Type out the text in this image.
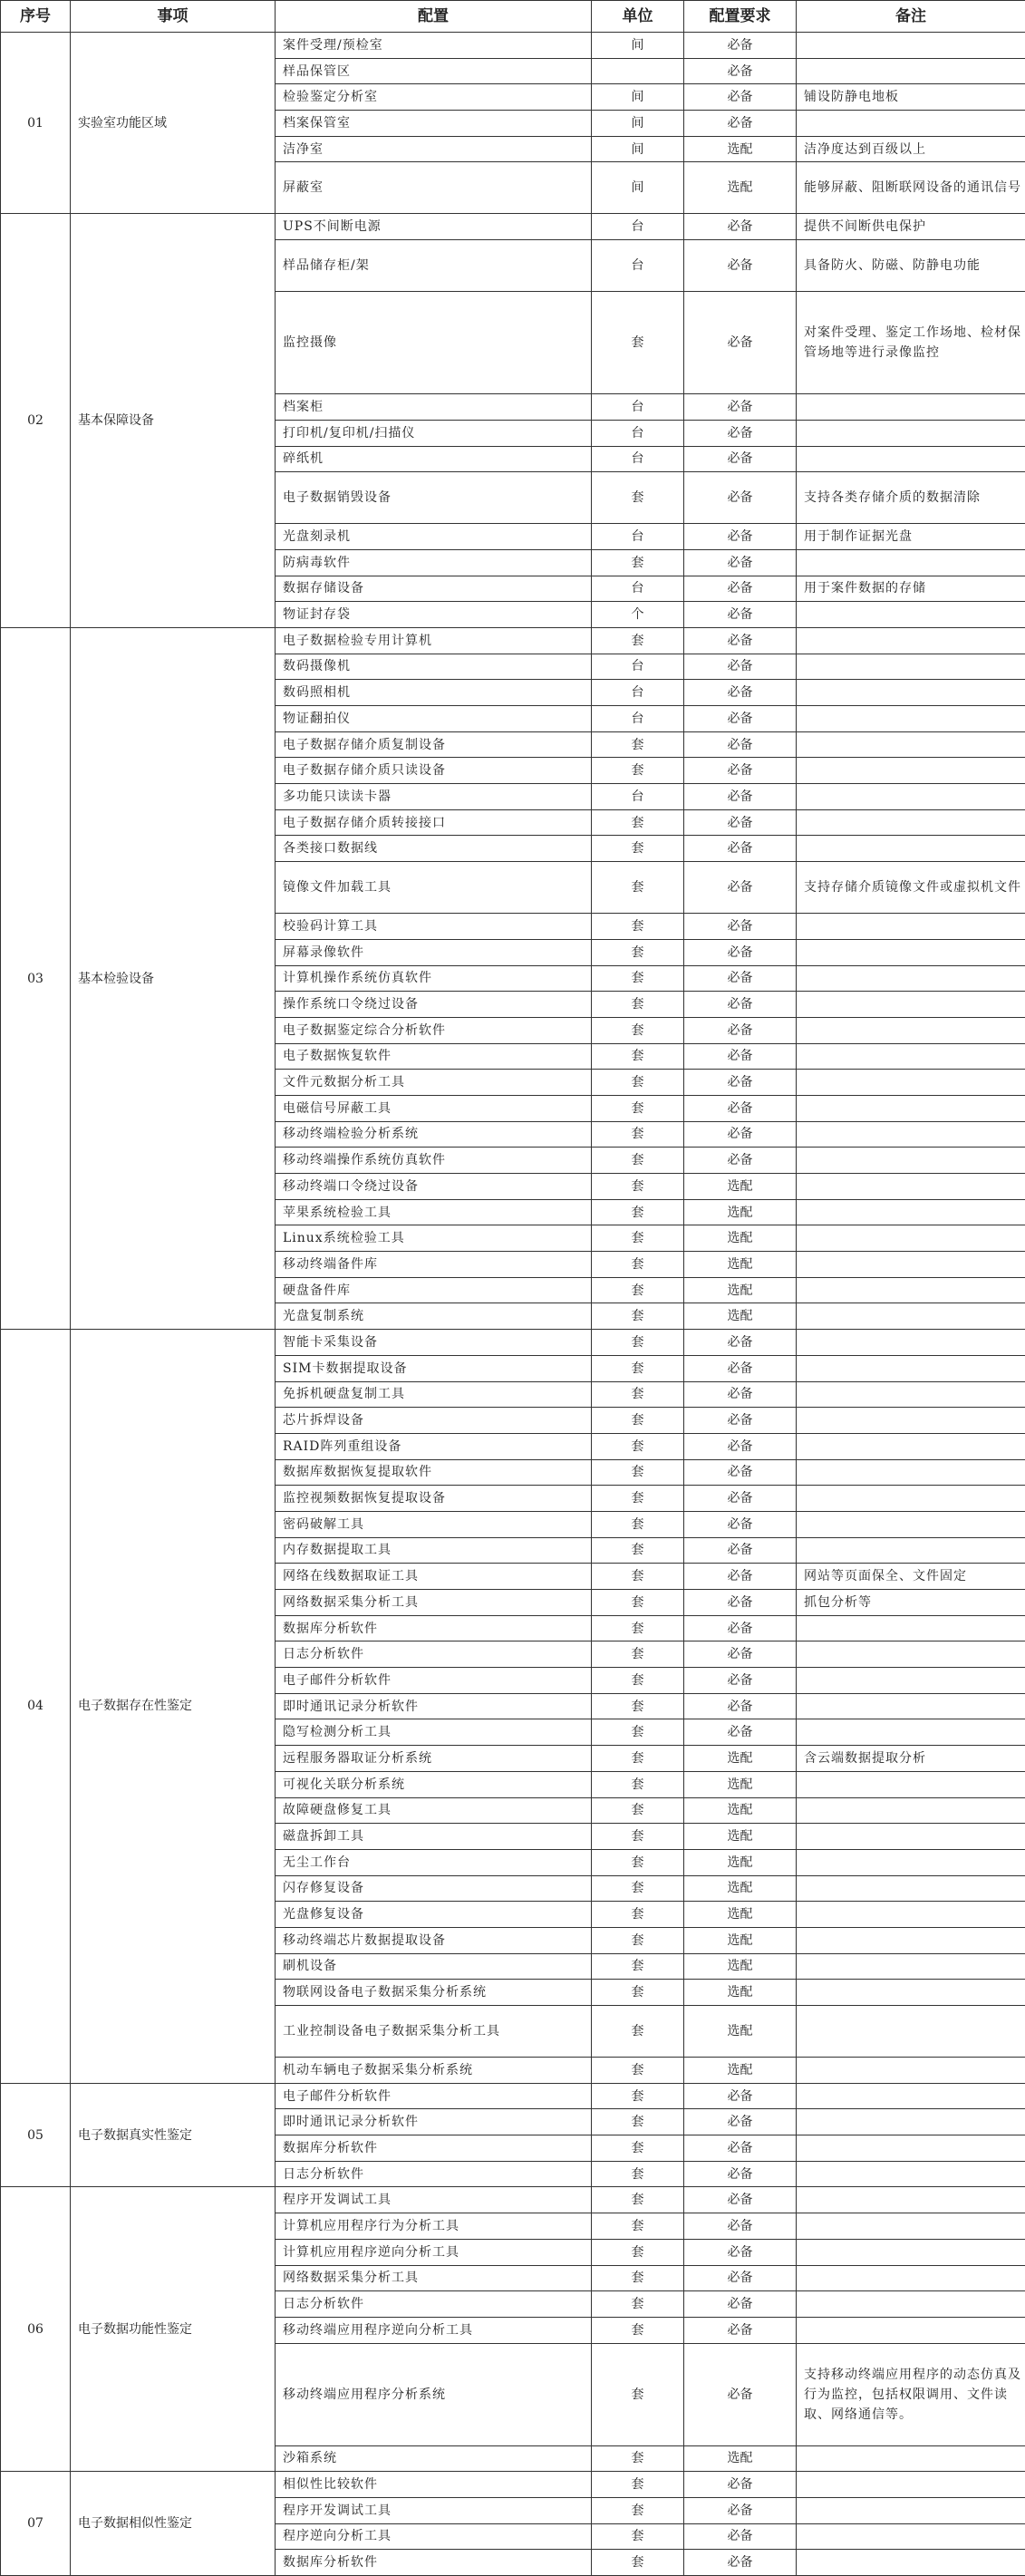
序号	事项	配置	单位	配置要求	备注
01	实验室功能区域	案件受理/预检室	间	必备	
		样品保管区		必备	
		检验鉴定分析室	间	必备	铺设防静电地板
		档案保管室	间	必备	
		洁净室	间	选配	洁净度达到百级以上
		屏蔽室	间	选配	能够屏蔽、阻断联网设备的通讯信号
02	基本保障设备	UPS不间断电源	台	必备	提供不间断供电保护
		样品储存柜/架	台	必备	具备防火、防磁、防静电功能
		监控摄像	套	必备	对案件受理、鉴定工作场地、检材保管场地等进行录像监控
		档案柜	台	必备	
		打印机/复印机/扫描仪	台	必备	
		碎纸机	台	必备	
		电子数据销毁设备	套	必备	支持各类存储介质的数据清除
		光盘刻录机	台	必备	用于制作证据光盘
		防病毒软件	套	必备	
		数据存储设备	台	必备	用于案件数据的存储
		物证封存袋	个	必备	
03	基本检验设备	电子数据检验专用计算机	套	必备	
		数码摄像机	台	必备	
		数码照相机	台	必备	
		物证翻拍仪	台	必备	
		电子数据存储介质复制设备	套	必备	
		电子数据存储介质只读设备	套	必备	
		多功能只读读卡器	台	必备	
		电子数据存储介质转接接口	套	必备	
		各类接口数据线	套	必备	
		镜像文件加载工具	套	必备	支持存储介质镜像文件或虚拟机文件
		校验码计算工具	套	必备	
		屏幕录像软件	套	必备	
		计算机操作系统仿真软件	套	必备	
		操作系统口令绕过设备	套	必备	
		电子数据鉴定综合分析软件	套	必备	
		电子数据恢复软件	套	必备	
		文件元数据分析工具	套	必备	
		电磁信号屏蔽工具	套	必备	
		移动终端检验分析系统	套	必备	
		移动终端操作系统仿真软件	套	必备	
		移动终端口令绕过设备	套	选配	
		苹果系统检验工具	套	选配	
		Linux系统检验工具	套	选配	
		移动终端备件库	套	选配	
		硬盘备件库	套	选配	
		光盘复制系统	套	选配	
04	电子数据存在性鉴定	智能卡采集设备	套	必备	
		SIM卡数据提取设备	套	必备	
		免拆机硬盘复制工具	套	必备	
		芯片拆焊设备	套	必备	
		RAID阵列重组设备	套	必备	
		数据库数据恢复提取软件	套	必备	
		监控视频数据恢复提取设备	套	必备	
		密码破解工具	套	必备	
		内存数据提取工具	套	必备	
		网络在线数据取证工具	套	必备	网站等页面保全、文件固定
		网络数据采集分析工具	套	必备	抓包分析等
		数据库分析软件	套	必备	
		日志分析软件	套	必备	
		电子邮件分析软件	套	必备	
		即时通讯记录分析软件	套	必备	
		隐写检测分析工具	套	必备	
		远程服务器取证分析系统	套	选配	含云端数据提取分析
		可视化关联分析系统	套	选配	
		故障硬盘修复工具	套	选配	
		磁盘拆卸工具	套	选配	
		无尘工作台	套	选配	
		闪存修复设备	套	选配	
		光盘修复设备	套	选配	
		移动终端芯片数据提取设备	套	选配	
		刷机设备	套	选配	
		物联网设备电子数据采集分析系统	套	选配	
		工业控制设备电子数据采集分析工具	套	选配	
		机动车辆电子数据采集分析系统	套	选配	
05	电子数据真实性鉴定	电子邮件分析软件	套	必备	
		即时通讯记录分析软件	套	必备	
		数据库分析软件	套	必备	
		日志分析软件	套	必备	
06	电子数据功能性鉴定	程序开发调试工具	套	必备	
		计算机应用程序行为分析工具	套	必备	
		计算机应用程序逆向分析工具	套	必备	
		网络数据采集分析工具	套	必备	
		日志分析软件	套	必备	
		移动终端应用程序逆向分析工具	套	必备	
		移动终端应用程序分析系统	套	必备	支持移动终端应用程序的动态仿真及行为监控，包括权限调用、文件读取、网络通信等。
		沙箱系统	套	选配	
07	电子数据相似性鉴定	相似性比较软件	套	必备	
		程序开发调试工具	套	必备	
		程序逆向分析工具	套	必备	
		数据库分析软件	套	必备	
